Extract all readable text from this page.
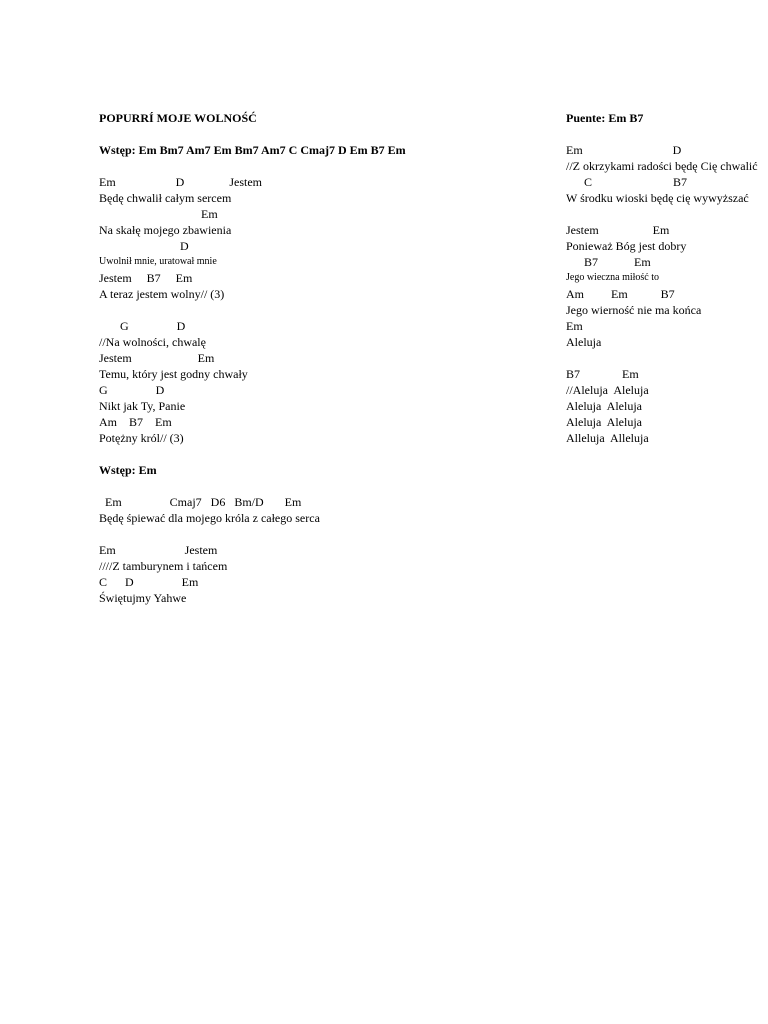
POPURRÍ MOJE WOLNOŚĆ
Wstęp: Em Bm7 Am7 Em Bm7 Am7 C Cmaj7 D Em B7 Em
Em                    D               Jestem
Będę chwalił całym sercem
Em
Na skałę mojego zbawienia
D
Uwolnił mnie, uratował mnie
Jestem     B7     Em
A teraz jestem wolny// (3)
G                D
//Na wolności, chwalę
Jestem                      Em
Temu, który jest godny chwały
G                D
Nikt jak Ty, Panie
Am    B7    Em
Potężny król// (3)
Wstęp: Em
Em                Cmaj7   D6   Bm/D       Em
Będę śpiewać dla mojego króla z całego serca
Em                       Jestem
////Z tamburynem i tańcem
C      D                Em
Świętujmy Yahwe
Puente: Em B7
Em                              D
//Z okrzykami radości będę Cię chwalić
C                           B7
W środku wioski będę cię wywyższać
Jestem                  Em
Ponieważ Bóg jest dobry
B7            Em
Jego wieczna miłość to
Am         Em           B7
Jego wierność nie ma końca
Em
Aleluja
B7              Em
//Aleluja  Aleluja
Aleluja  Aleluja
Aleluja  Aleluja
Alleluja  Alleluja
